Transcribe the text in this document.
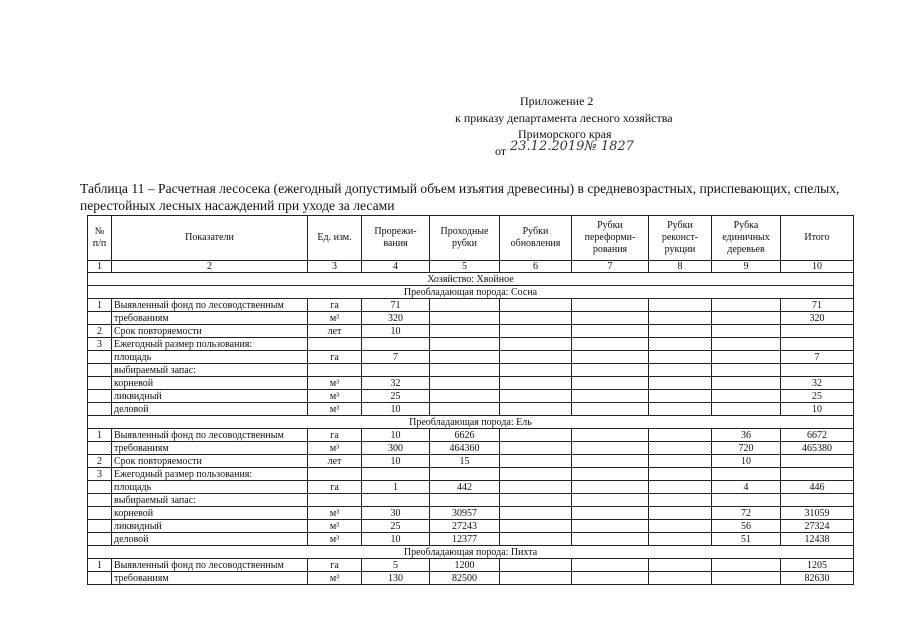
Приложение 2
к приказу департамента лесного хозяйства
Приморского края
от 23.12.2019№ 1827
Таблица 11 – Расчетная лесосека (ежегодный допустимый объем изъятия древесины) в средневозрастных, приспевающих, спелых, перестойных лесных насаждений при уходе за лесами
№ п/п	Показатели	Ед. изм.	Прорежи-вания	Проходные рубки	Рубки обновления	Рубки переформи-рования	Рубки реконст-рукции	Рубка единичных деревьев	Итого
1	2	3	4	5	6	7	8	9	10
Хозяйство: Хвойное									
Преобладающая порода: Сосна									
1	Выявленный фонд по лесоводственным	га	71						71
	требованиям	м³	320						320
2	Срок повторяемости	лет	10						
3	Ежегодный размер пользования:								
	площадь	га	7						7
	выбираемый запас:								
	корневой	м³	32						32
	ликвидный	м³	25						25
	деловой	м³	10						10
Преобладающая порода: Ель									
1	Выявленный фонд по лесоводственным	га	10	6626				36	6672
	требованиям	м³	300	464360				720	465380
2	Срок повторяемости	лет	10	15				10	
3	Ежегодный размер пользования:								
	площадь	га	1	442				4	446
	выбираемый запас:								
	корневой	м³	30	30957				72	31059
	ликвидный	м³	25	27243				56	27324
	деловой	м³	10	12377				51	12438
Преобладающая порода: Пихта									
1	Выявленный фонд по лесоводственным	га	5	1200					1205
	требованиям	м³	130	82500					82630
